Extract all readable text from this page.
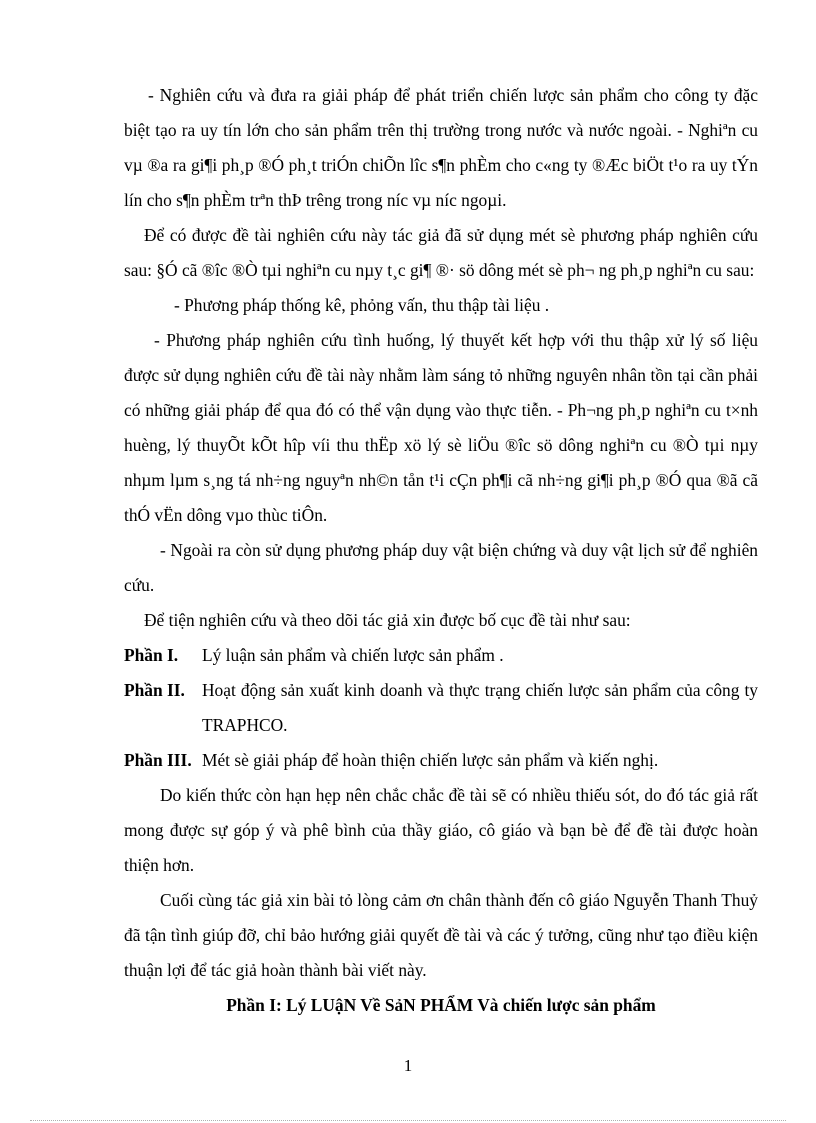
- Nghiên cứu và đưa ra giải pháp để phát triển chiến lược sản phẩm cho công ty đặc biệt tạo ra uy tín lớn cho sản phẩm trên thị trường trong nước và nước ngoài. - Nghiªn cu vµ ®a ra gi¶i ph¸p ®Ó ph¸t triÓn chiÕn lîc s¶n phÈm cho c«ng ty ®Æc biÖt t¹o ra uy tÝn lín cho s¶n phÈm trªn thÞ trêng trong níc vµ níc ngoµi.

Để có được đề tài nghiên cứu này tác giả đã sử dụng mét sè phương pháp nghiên cứu sau: §Ó cã ®îc ®Ò tµi nghiªn cu nµy t¸c gi¶ ®· sö dông mét sè ph¬ ng ph¸p nghiªn cu sau:

- Phương pháp thống kê, phỏng vấn, thu thập tài liệu .

- Phương pháp nghiên cứu tình huống, lý thuyết kết hợp với thu thập xử lý số liệu được sử dụng nghiên cứu đề tài này nhằm làm sáng tỏ những nguyên nhân tồn tại cần phải có những giải pháp để qua đó có thể vận dụng vào thực tiễn. - Ph¬ng ph¸p nghiªn cu t×nh huèng, lý thuyÕt kÕt hîp víi thu thËp xö lý sè liÖu ®îc sö dông nghiªn cu ®Ò tµi nµy nhµm lµm s¸ng tá nh÷ng nguyªn nh©n tån t¹i cÇn ph¶i cã nh÷ng gi¶i ph¸p ®Ó qua ®ã cã thÓ vËn dông vµo thùc tiÔn.

- Ngoài ra còn sử dụng phương pháp duy vật biện chứng và duy vật lịch sử để nghiên cứu.

Để tiện nghiên cứu và theo dõi tác giả xin được bố cục đề tài như sau:

Phần I. Lý luận sản phẩm và chiến lược sản phẩm .

Phần II. Hoạt động sản xuất kinh doanh và thực trạng chiến lược sản phẩm của công ty TRAPHCO.

Phần III. Mét sè giải pháp để hoàn thiện chiến lược sản phẩm và kiến nghị.

Do kiến thức còn hạn hẹp nên chắc chắc đề tài sẽ có nhiều thiếu sót, do đó tác giả rất mong được sự góp ý và phê bình của thầy giáo, cô giáo và bạn bè để đề tài được hoàn thiện hơn.

Cuối cùng tác giả xin bài tỏ lòng cảm ơn chân thành đến cô giáo Nguyễn Thanh Thuỷ đã tận tình giúp đỡ, chỉ bảo hướng giải quyết đề tài và các ý tưởng, cũng như tạo điều kiện thuận lợi để tác giả hoàn thành bài viết này.

Phần I: Lý LUậN Về SảN PHẨM Và chiến lược sản phẩm

1
